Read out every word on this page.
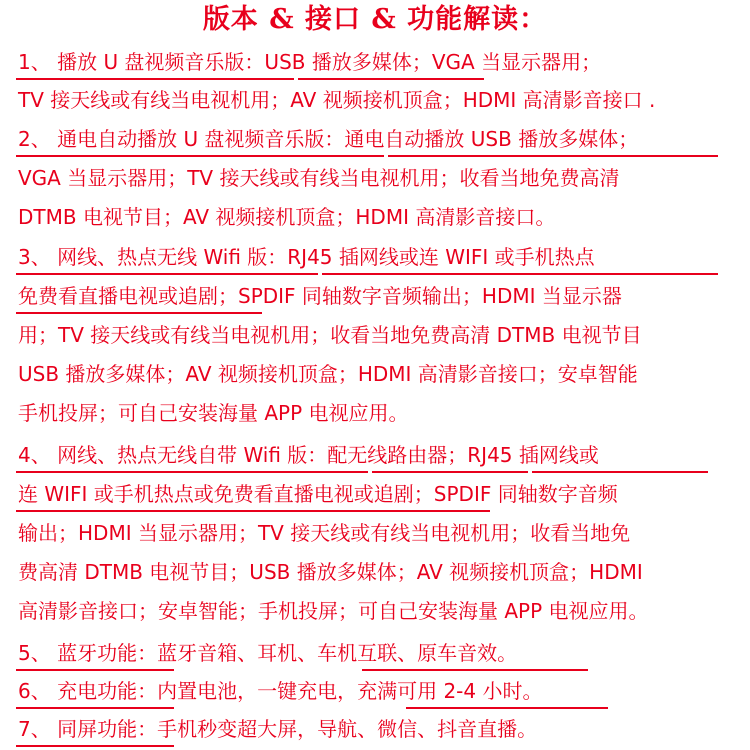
版本 & 接口 & 功能解读：
1、 播放 U 盘视频音乐版：USB 播放多媒体；VGA 当显示器用；
TV 接天线或有线当电视机用；AV 视频接机顶盒；HDMI 高清影音接口 .
2、 通电自动播放 U 盘视频音乐版：通电自动播放 USB 播放多媒体；
VGA 当显示器用；TV 接天线或有线当电视机用；收看当地免费高清
DTMB 电视节目；AV 视频接机顶盒；HDMI 高清影音接口。
3、 网线、热点无线 Wifi 版：RJ45 插网线或连 WIFI 或手机热点
免费看直播电视或追剧；SPDIF 同轴数字音频输出；HDMI 当显示器
用；TV 接天线或有线当电视机用；收看当地免费高清 DTMB 电视节目
USB 播放多媒体；AV 视频接机顶盒；HDMI 高清影音接口；安卓智能
手机投屏；可自己安装海量 APP 电视应用。
4、 网线、热点无线自带 Wifi 版：配无线路由器；RJ45 插网线或
连 WIFI 或手机热点或免费看直播电视或追剧；SPDIF 同轴数字音频
输出；HDMI 当显示器用；TV 接天线或有线当电视机用；收看当地免
费高清 DTMB 电视节目；USB 播放多媒体；AV 视频接机顶盒；HDMI
高清影音接口；安卓智能；手机投屏；可自己安装海量 APP 电视应用。
5、 蓝牙功能：蓝牙音箱、耳机、车机互联、原车音效。
6、 充电功能：内置电池，一键充电，充满可用 2-4 小时。
7、 同屏功能：手机秒变超大屏，导航、微信、抖音直播。
